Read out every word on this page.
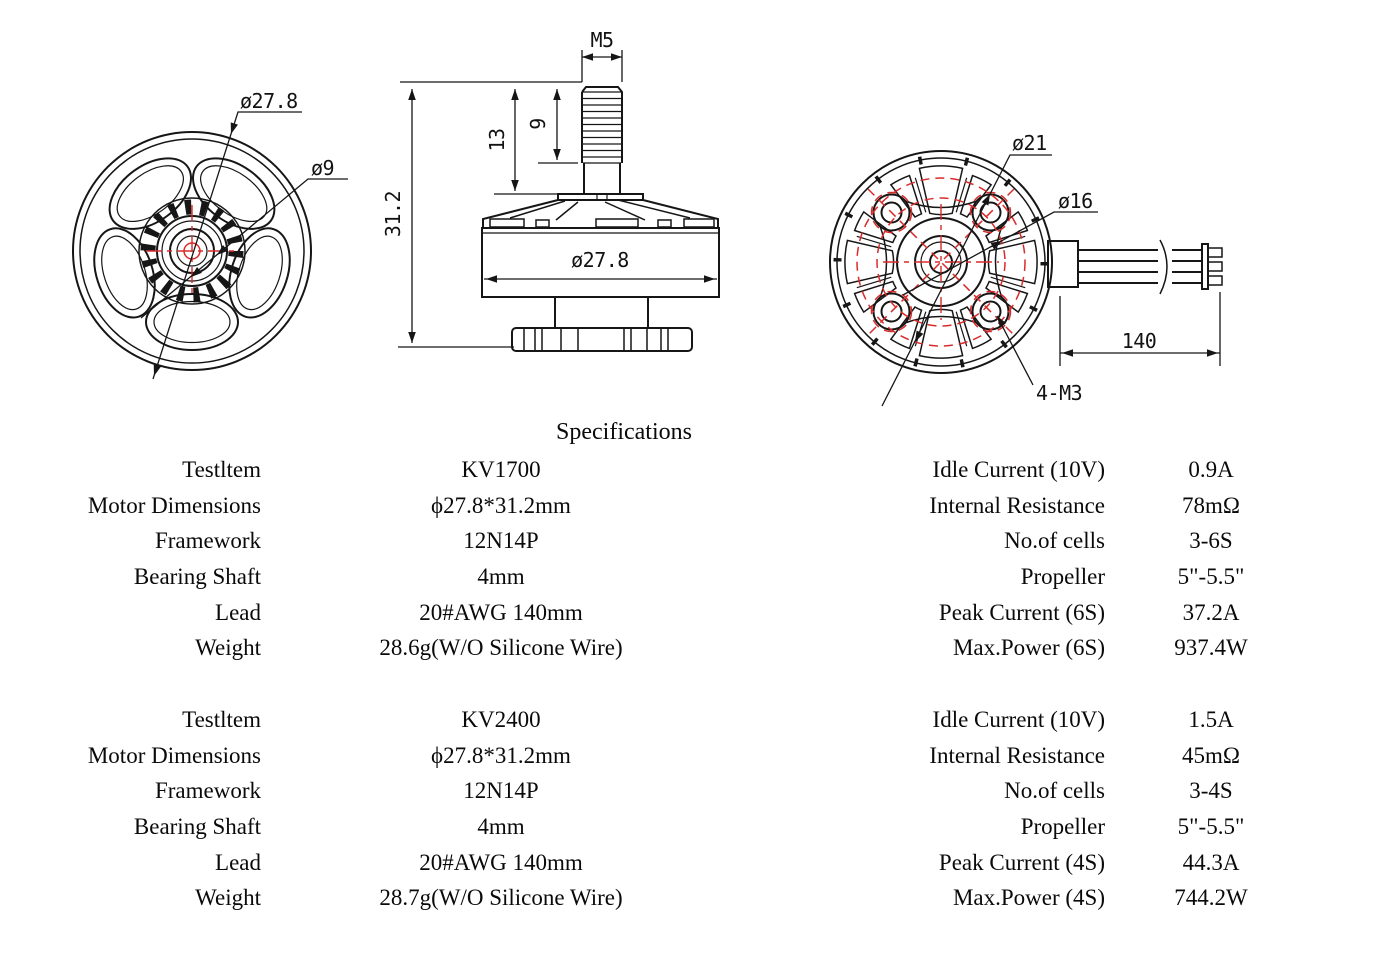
ø27.8
ø9
M5
13
9
31.2
ø27.8
ø21
ø16
4-M3
140
Specifications
Testltem	KV1700	Idle Current (10V)	0.9A
Motor Dimensions	ϕ27.8*31.2mm	Internal Resistance	78mΩ
Framework	12N14P	No.of cells	3-6S
Bearing Shaft	4mm	Propeller	5"-5.5"
Lead	20#AWG 140mm	Peak Current (6S)	37.2A
Weight	28.6g(W/O Silicone Wire)	Max.Power (6S)	937.4W
Testltem	KV2400	Idle Current (10V)	1.5A
Motor Dimensions	ϕ27.8*31.2mm	Internal Resistance	45mΩ
Framework	12N14P	No.of cells	3-4S
Bearing Shaft	4mm	Propeller	5"-5.5"
Lead	20#AWG 140mm	Peak Current (4S)	44.3A
Weight	28.7g(W/O Silicone Wire)	Max.Power (4S)	744.2W
